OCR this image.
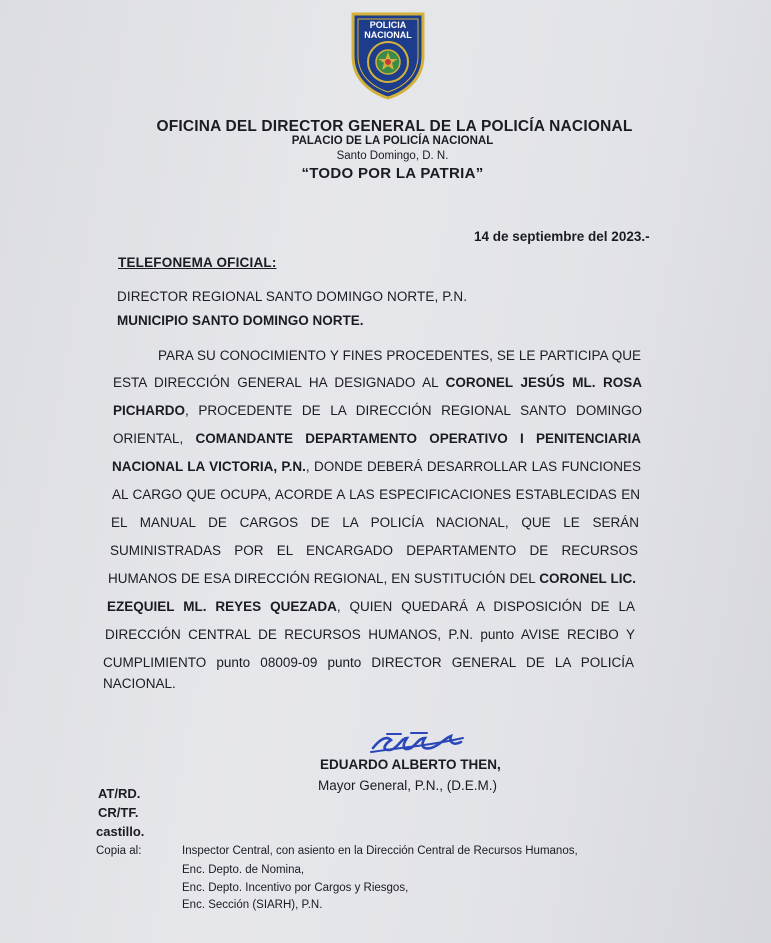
POLICIA
NACIONAL
OFICINA DEL DIRECTOR GENERAL DE LA POLICÍA NACIONAL
PALACIO DE LA POLICÍA NACIONAL
Santo Domingo, D. N.
“TODO POR LA PATRIA”
14 de septiembre del 2023.-
TELEFONEMA OFICIAL:
DIRECTOR REGIONAL SANTO DOMINGO NORTE, P.N.
MUNICIPIO SANTO DOMINGO NORTE.
PARA SU CONOCIMIENTO Y FINES PROCEDENTES, SE LE PARTICIPA QUE
ESTA DIRECCIÓN GENERAL HA DESIGNADO AL CORONEL JESÚS ML. ROSA
PICHARDO, PROCEDENTE DE LA DIRECCIÓN REGIONAL SANTO DOMINGO
ORIENTAL, COMANDANTE DEPARTAMENTO OPERATIVO I PENITENCIARIA
NACIONAL LA VICTORIA, P.N., DONDE DEBERÁ DESARROLLAR LAS FUNCIONES
AL CARGO QUE OCUPA, ACORDE A LAS ESPECIFICACIONES ESTABLECIDAS EN
EL MANUAL DE CARGOS DE LA POLICÍA NACIONAL, QUE LE SERÁN
SUMINISTRADAS POR EL ENCARGADO DEPARTAMENTO DE RECURSOS
HUMANOS DE ESA DIRECCIÓN REGIONAL, EN SUSTITUCIÓN DEL CORONEL LIC.
EZEQUIEL ML. REYES QUEZADA, QUIEN QUEDARÁ A DISPOSICIÓN DE LA
DIRECCIÓN CENTRAL DE RECURSOS HUMANOS, P.N. punto AVISE RECIBO Y
CUMPLIMIENTO punto 08009-09 punto DIRECTOR GENERAL DE LA POLICÍA
NACIONAL.
EDUARDO ALBERTO THEN,
Mayor General, P.N., (D.E.M.)
AT/RD.
CR/TF.
castillo.
Copia al:	Inspector Central, con asiento en la Dirección Central de Recursos Humanos,
Enc. Depto. de Nomina,
Enc. Depto. Incentivo por Cargos y Riesgos,
Enc. Sección (SIARH), P.N.
